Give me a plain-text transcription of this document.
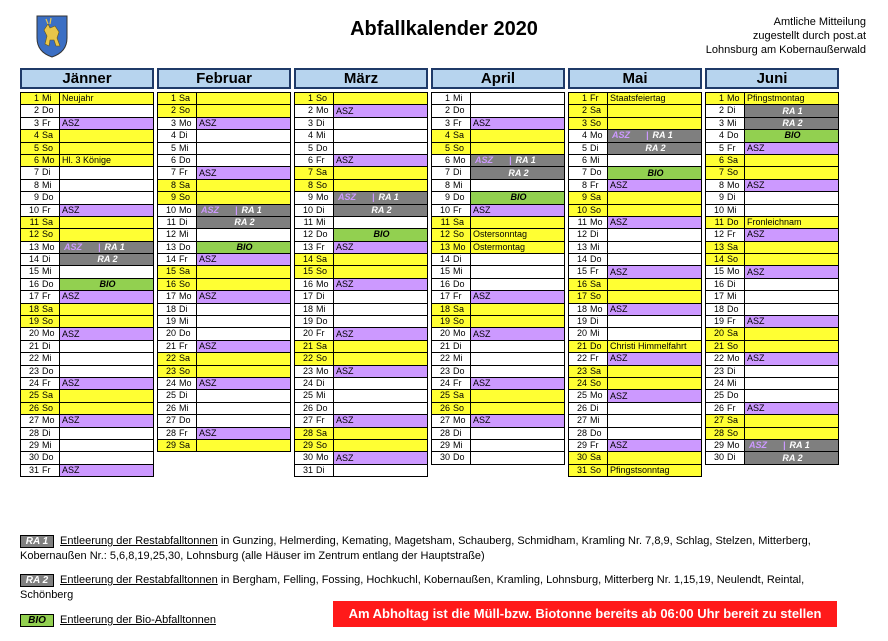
Abfallkalender 2020	Amtliche Mitteilung
zugestellt durch post.at
Lohnsburg am Kobernaußerwald
Jänner
1 Mi	Neujahr
2 Do
3 Fr	ASZ
4 Sa
5 So
6 Mo Hl. 3 Könige
7 Di
8 Mi
9 Do
10 Fr	ASZ
11 Sa
12 So
13 Mo	ASZ	| RA 1
14 Di	RA 2
15 Mi
16 Do	BIO
17 Fr	ASZ
18 Sa
19 So
20 Mo ASZ
21 Di
22 Mi
23 Do
24 Fr	ASZ
25 Sa
26 So
27 Mo ASZ
28 Di
29 Mi
30 Do
31 Fr	ASZ
Februar
1 Sa
2 So
3 Mo ASZ
4 Di
5 Mi
6 Do
7 Fr	ASZ
8 Sa
9 So
10 Mo	ASZ	| RA 1
11 Di	RA 2
12 Mi
13 Do	BIO
14 Fr	ASZ
15 Sa
16 So
17 Mo ASZ
18 Di
19 Mi
20 Do
21 Fr	ASZ
22 Sa
23 So
24 Mo ASZ
25 Di
26 Mi
27 Do
28 Fr	ASZ
29 Sa
März
1 So
2 Mo ASZ
3 Di
4 Mi
5 Do
6 Fr	ASZ
7 Sa
8 So
9 Mo	ASZ	| RA 1
10 Di	RA 2
11 Mi
12 Do	BIO
13 Fr	ASZ
14 Sa
15 So
16 Mo ASZ
17 Di
18 Mi
19 Do
20 Fr	ASZ
21 Sa
22 So
23 Mo ASZ
24 Di
25 Mi
26 Do
27 Fr	ASZ
28 Sa
29 So
30 Mo ASZ
31 Di
April
1 Mi
2 Do
3 Fr	ASZ
4 Sa
5 So
6 Mo	ASZ	| RA 1
7 Di	RA 2
8 Mi
9 Do	BIO
10 Fr	ASZ
11 Sa
12 So Ostersonntag
13 Mo Ostermontag
14 Di
15 Mi
16 Do
17 Fr	ASZ
18 Sa
19 So
20 Mo ASZ
21 Di
22 Mi
23 Do
24 Fr	ASZ
25 Sa
26 So
27 Mo ASZ
28 Di
29 Mi
30 Do
Mai
1 Fr	Staatsfeiertag
2 Sa
3 So
4 Mo	ASZ	| RA 1
5 Di	RA 2
6 Mi
7 Do	BIO
8 Fr	ASZ
9 Sa
10 So
11 Mo ASZ
12 Di
13 Mi
14 Do
15 Fr	ASZ
16 Sa
17 So
18 Mo ASZ
19 Di
20 Mi
21 Do Christi Himmelfahrt
22 Fr	ASZ
23 Sa
24 So
25 Mo ASZ
26 Di
27 Mi
28 Do
29 Fr	ASZ
30 Sa
31 So Pfingstsonntag
Juni
1 Mo Pfingstmontag
2 Di	RA 1
3 Mi	RA 2
4 Do	BIO
5 Fr	ASZ
6 Sa
7 So
8 Mo ASZ
9 Di
10 Mi
11 Do Fronleichnam
12 Fr	ASZ
13 Sa
14 So
15 Mo ASZ
16 Di
17 Mi
18 Do
19 Fr	ASZ
20 Sa
21 So
22 Mo ASZ
23 Di
24 Mi
25 Do
26 Fr	ASZ
27 Sa
28 So
29 Mo	ASZ	| RA 1
30 Di	RA 2
RA 1 Entleerung der Restabfalltonnen in Gunzing, Helmerding, Kemating, Magetsham, Schauberg, Schmidham, Kramling Nr. 7,8,9, Schlag, Stelzen, Mitterberg,
Kobernaußen Nr.: 5,6,8,19,25,30, Lohnsburg (alle Häuser im Zentrum entlang der Hauptstraße)
RA 2 Entleerung der Restabfalltonnen in Bergham, Felling, Fossing, Hochkuchl, Kobernaußen, Kramling, Lohnsburg, Mitterberg Nr. 1,15,19, Neulendt, Reintal,
Schönberg
BIO Entleerung der Bio-Abfalltonnen	Am Abholtag ist die Müll-bzw. Biotonne bereits ab 06:00 Uhr bereit zu stellen
